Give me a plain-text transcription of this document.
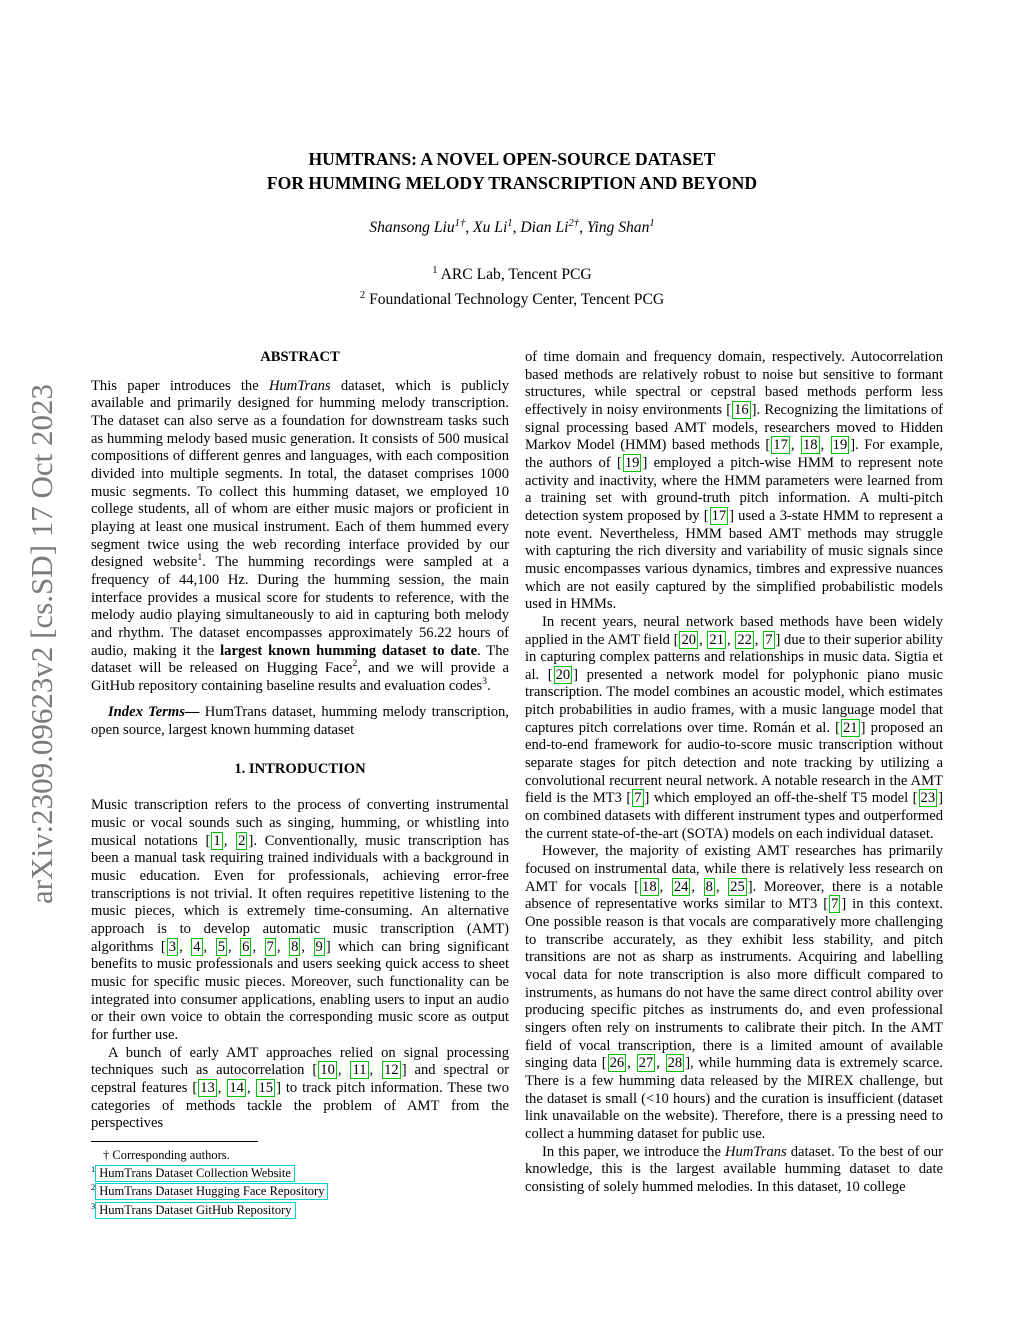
arXiv:2309.09623v2 [cs.SD] 17 Oct 2023
HUMTRANS: A NOVEL OPEN-SOURCE DATASET
FOR HUMMING MELODY TRANSCRIPTION AND BEYOND
Shansong Liu$^{1\dagger}$, Xu Li$^1$, Dian $Li^{2\dagger}$, Ying Shan$^1$
$^1$ ARC Lab, Tencent PCG
$^2$ Foundational Technology Center, Tencent PCG
ABSTRACT

This paper introduces the HumTrans dataset, which is publicly available and primarily designed for humming melody transcription. The dataset can also serve as a foundation for downstream tasks such as humming melody based music generation. It consists of 500 musical compositions of different genres and languages, with each composition divided into multiple segments. In total, the dataset comprises 1000 music segments. To collect this humming dataset, we employed 10 college students, all of whom are either music majors or proficient in playing at least one musical instrument. Each of them hummed every segment twice using the web recording interface provided by our designed website$^1$. The humming recordings were sampled at a frequency of 44,100 Hz. During the humming session, the main interface provides a musical score for students to reference, with the melody audio playing simultaneously to aid in capturing both melody and rhythm. The dataset encompasses approximately 56.22 hours of audio, making it the largest known humming dataset to date. The dataset will be released on Hugging Face$^2$, and we will provide a GitHub repository containing baseline results and evaluation codes$^3$.

Index Terms— HumTrans dataset, humming melody transcription, open source, largest known humming dataset

1. INTRODUCTION

Music transcription refers to the process of converting instrumental music or vocal sounds such as singing, humming, or whistling into musical notations [ 1 , 2 ]. Conventionally, music transcription has been a manual task requiring trained individuals with a background in music education. Even for professionals, achieving error-free transcriptions is not trivial. It often requires repetitive listening to the music pieces, which is extremely time-consuming. An alternative approach is to develop automatic music transcription (AMT) algorithms [ 3 , 4 , 5 , 6 , 7 , 8 , 9 ] which can bring significant benefits to music professionals and users seeking quick access to sheet music for specific music pieces. Moreover, such functionality can be integrated into consumer applications, enabling users to input an audio or their own voice to obtain the corresponding music score as output for further use.

A bunch of early AMT approaches relied on signal processing techniques such as autocorrelation [ 10 , 11 , 12 ] and spectral or cepstral features [ 13 , 14 , 15 ] to track pitch information. These two categories of methods tackle the problem of AMT from the perspectives

of time domain and frequency domain, respectively. Autocorrelation based methods are relatively robust to noise but sensitive to formant structures, while spectral or cepstral based methods perform less effectively in noisy environments [ 16 ]. Recognizing the limitations of signal processing based AMT models, researchers moved to Hidden Markov Model (HMM) based methods [ 17 , 18 , 19 ]. For example, the authors of [ 19 ] employed a pitch-wise HMM to represent note activity and inactivity, where the HMM parameters were learned from a training set with ground-truth pitch information. A multi-pitch detection system proposed by [ 17 ] used a 3-state HMM to represent a note event. Nevertheless, HMM based AMT methods may struggle with capturing the rich diversity and variability of music signals since music encompasses various dynamics, timbres and expressive nuances which are not easily captured by the simplified probabilistic models used in HMMs.

In recent years, neural network based methods have been widely applied in the AMT field [ 20 , 21 , 22 , 7 ] due to their superior ability in capturing complex patterns and relationships in music data. Sigtia et al. [ 20 ] presented a network model for polyphonic piano music transcription. The model combines an acoustic model, which estimates pitch probabilities in audio frames, with a music language model that captures pitch correlations over time. Román et al. [ 21 ] proposed an end-to-end framework for audio-to-score music transcription without separate stages for pitch detection and note tracking by utilizing a convolutional recurrent neural network. A notable research in the AMT field is the MT3 [ 7 ] which employed an off-the-shelf T5 model [ 23 ] on combined datasets with different instrument types and outperformed the current state-of-the-art (SOTA) models on each individual dataset.

However, the majority of existing AMT researches has primarily focused on instrumental data, while there is relatively less research on AMT for vocals [ 18 , 24 , 8 , 25 ]. Moreover, there is a notable absence of representative works similar to MT3 [ 7 ] in this context. One possible reason is that vocals are comparatively more challenging to transcribe accurately, as they exhibit less stability, and pitch transitions are not as sharp as instruments. Acquiring and labelling vocal data for note transcription is also more difficult compared to instruments, as humans do not have the same direct control ability over producing specific pitches as instruments do, and even professional singers often rely on instruments to calibrate their pitch. In the AMT field of vocal transcription, there is a limited amount of available singing data [ 26 , 27 , 28 ], while humming data is extremely scarce. There is a few humming data released by the MIREX challenge, but the dataset is small (<10 hours) and the curation is insufficient (dataset link unavailable on the website). Therefore, there is a pressing need to collect a humming dataset for public use.

In this paper, we introduce the HumTrans dataset. To the best of our knowledge, this is the largest available humming dataset to date consisting of solely hummed melodies. In this dataset, 10 college

† Corresponding authors.
$^1$ HumTrans Dataset Collection Website
$^2$ HumTrans Dataset Hugging Face Repository
$^3$ HumTrans Dataset GitHub Repository
